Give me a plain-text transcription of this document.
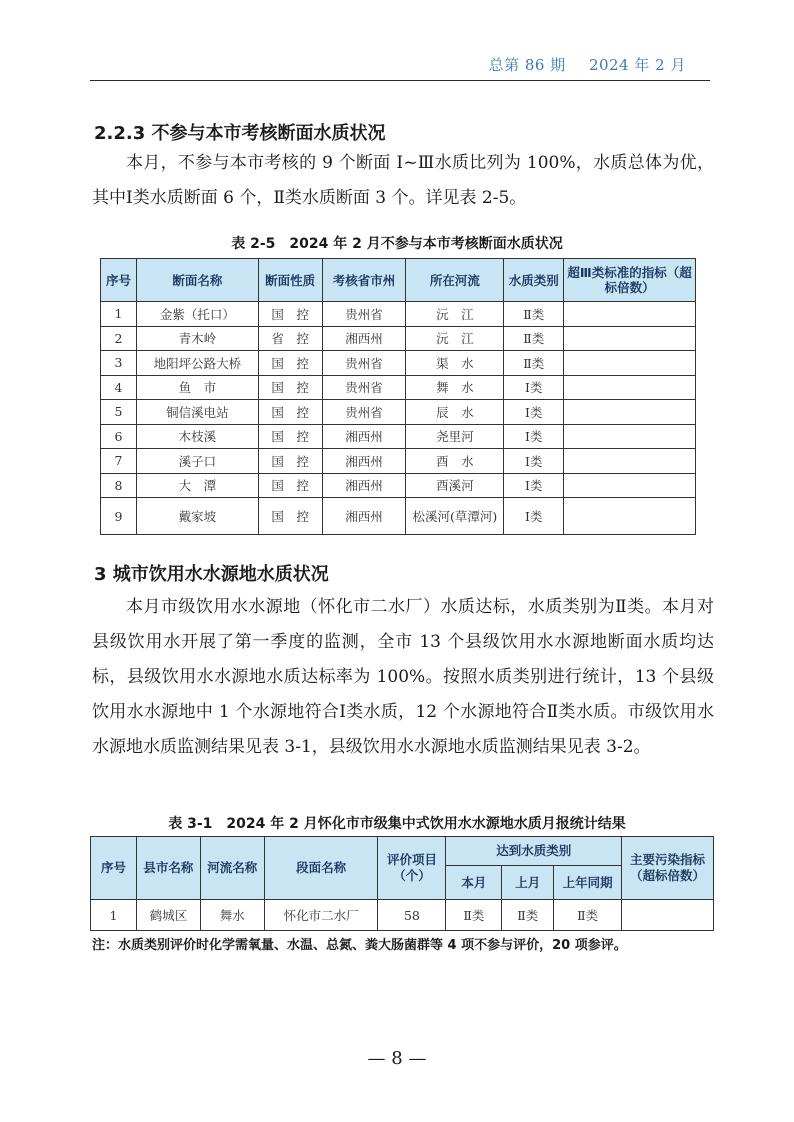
总第 86 期 2024 年 2 月
2.2.3 不参与本市考核断面水质状况

本月，不参与本市考核的 9 个断面 Ⅰ~Ⅲ水质比列为 100%，水质总体为优，其中Ⅰ类水质断面 6 个，Ⅱ类水质断面 3 个。详见表 2-5。

表 2-5　2024 年 2 月不参与本市考核断面水质状况
序号	断面名称	断面性质	考核省市州	所在河流	水质类别	超Ⅲ类标准的指标（超标倍数）
1	金紫（托口）	国　控	贵州省	沅　江	Ⅱ类	
2	青木岭	省　控	湘西州	沅　江	Ⅱ类	
3	地阳坪公路大桥	国　控	贵州省	渠　水	Ⅱ类	
4	鱼　市	国　控	贵州省	舞　水	Ⅰ类	
5	铜信溪电站	国　控	贵州省	辰　水	Ⅰ类	
6	木枝溪	国　控	湘西州	尧里河	Ⅰ类	
7	溪子口	国　控	湘西州	酉　水	Ⅰ类	
8	大　潭	国　控	湘西州	酉溪河	Ⅰ类	
9	戴家坡	国　控	湘西州	松溪河(草潭河)	Ⅰ类	
3 城市饮用水水源地水质状况

本月市级饮用水水源地（怀化市二水厂）水质达标，水质类别为Ⅱ类。本月对县级饮用水开展了第一季度的监测，全市 13 个县级饮用水水源地断面水质均达标，县级饮用水水源地水质达标率为 100%。按照水质类别进行统计，13 个县级饮用水水源地中 1 个水源地符合Ⅰ类水质，12 个水源地符合Ⅱ类水质。市级饮用水水源地水质监测结果见表 3-1，县级饮用水水源地水质监测结果见表 3-2。

表 3-1　2024 年 2 月怀化市市级集中式饮用水水源地水质月报统计结果
序号	县市名称	河流名称	段面名称	评价项目（个）	达到水质类别			主要污染指标（超标倍数）
					本月	上月	上年同期	
1	鹤城区	舞水	怀化市二水厂	58	Ⅱ类	Ⅱ类	Ⅱ类	
注：水质类别评价时化学需氧量、水温、总氮、粪大肠菌群等 4 项不参与评价，20 项参评。
— 8 —
